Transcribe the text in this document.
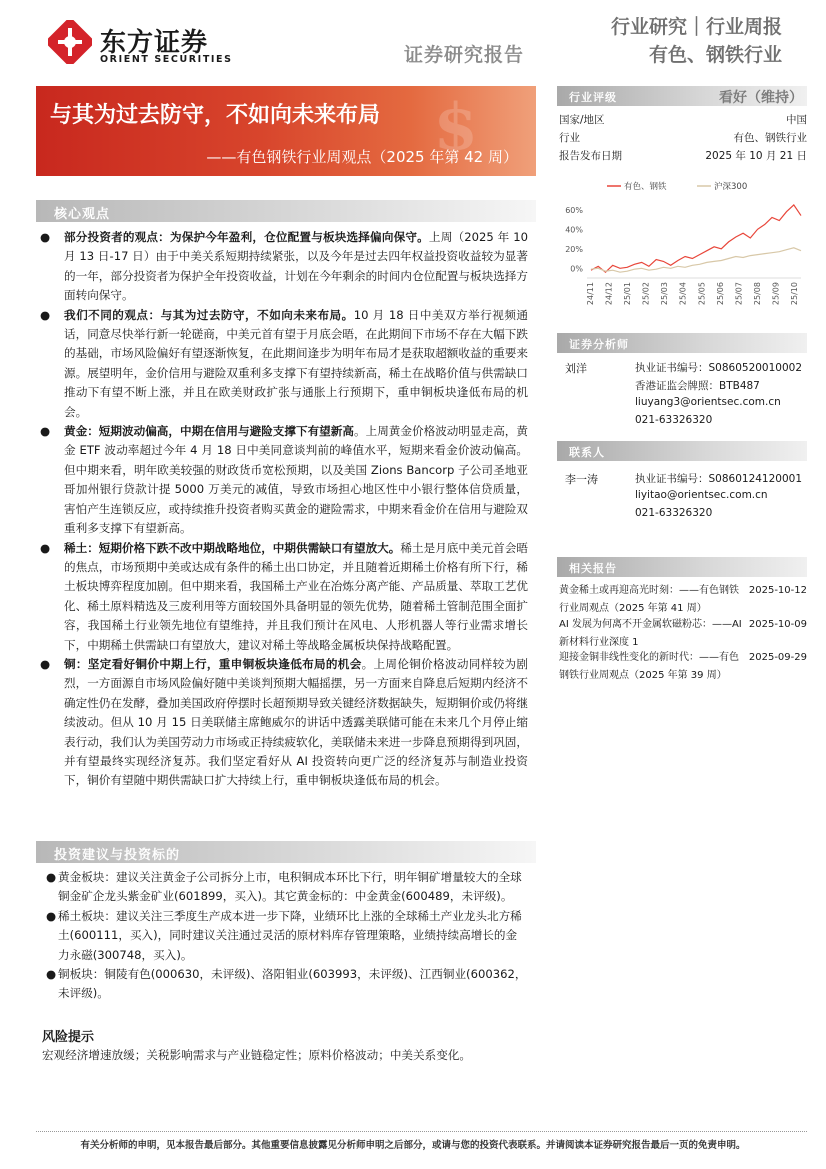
东方证券
ORIENT SECURITIES	证券研究报告
行业研究｜行业周报
有色、钢铁行业
$
与其为过去防守，不如向未来布局
——有色钢铁行业周观点（2025 年第 42 周）
行业评级	看好（维持）
国家/地区	中国
行业	有色、钢铁行业
报告发布日期	2025 年 10 月 21 日
有色、钢铁	沪深300
60%
40%
20%
0%
24/11 24/12 25/01 25/02 25/03 25/04 25/05 25/06 25/07 25/08 25/09 25/10
证券分析师
刘洋	执业证书编号：S0860520010002
香港证监会牌照：BTB487
liuyang3@orientsec.com.cn
021-63326320
联系人
李一涛	执业证书编号：S0860124120001
liyitao@orientsec.com.cn
021-63326320
相关报告
黄金稀土或再迎高光时刻：——有色钢铁
行业周观点（2025 年第 41 周）
2025-10-12
AI 发展为何离不开金属软磁粉芯：——AI
新材料行业深度 1
2025-10-09
迎接金铜非线性变化的新时代：——有色
钢铁行业周观点（2025 年第 39 周）
2025-09-29
核心观点
● 部分投资者的观点：为保护今年盈利，仓位配置与板块选择偏向保守。上周（2025 年 10 月 13 日-17 日）由于中美关系短期持续紧张，以及今年是过去四年权益投资收益较为显著的一年，部分投资者为保护全年投资收益，计划在今年剩余的时间内仓位配置与板块选择方面转向保守。
● 我们不同的观点：与其为过去防守，不如向未来布局。10 月 18 日中美双方举行视频通话，同意尽快举行新一轮磋商，中美元首有望于月底会晤，在此期间下市场不存在大幅下跌的基础，市场风险偏好有望逐渐恢复，在此期间逢步为明年布局才是获取超额收益的重要来源。展望明年，金价信用与避险双重利多支撑下有望持续新高，稀土在战略价值与供需缺口推动下有望不断上涨，并且在欧美财政扩张与通胀上行预期下，重申铜板块逢低布局的机会。
● 黄金：短期波动偏高，中期在信用与避险支撑下有望新高。上周黄金价格波动明显走高，黄金 ETF 波动率超过今年 4 月 18 日中美同意谈判前的峰值水平，短期来看金价波动偏高。但中期来看，明年欧美较强的财政货币宽松预期，以及美国 Zions Bancorp 子公司圣地亚哥加州银行贷款计提 5000 万美元的减值，导致市场担心地区性中小银行整体信贷质量，害怕产生连锁反应，或持续推升投资者购买黄金的避险需求，中期来看金价在信用与避险双重利多支撑下有望新高。
● 稀土：短期价格下跌不改中期战略地位，中期供需缺口有望放大。稀土是月底中美元首会晤的焦点，市场预期中美或达成有条件的稀土出口协定，并且随着近期稀土价格有所下行，稀土板块博弈程度加剧。但中期来看，我国稀土产业在冶炼分离产能、产品质量、萃取工艺优化、稀土原料精选及三废利用等方面较国外具备明显的领先优势，随着稀土管制范围全面扩容，我国稀土行业领先地位有望维持，并且我们预计在风电、人形机器人等行业需求增长下，中期稀土供需缺口有望放大，建议对稀土等战略金属板块保持战略配置。
● 铜：坚定看好铜价中期上行，重申铜板块逢低布局的机会。上周伦铜价格波动同样较为剧烈，一方面源自市场风险偏好随中美谈判预期大幅摇摆，另一方面来自降息后短期内经济不确定性仍在发酵，叠加美国政府停摆时长超预期导致关键经济数据缺失，短期铜价或仍将继续波动。但从 10 月 15 日美联储主席鲍威尔的讲话中透露美联储可能在未来几个月停止缩表行动，我们认为美国劳动力市场或正持续疲软化，美联储未来进一步降息预期得到巩固，并有望最终实现经济复苏。我们坚定看好从 AI 投资转向更广泛的经济复苏与制造业投资下，铜价有望随中期供需缺口扩大持续上行，重申铜板块逢低布局的机会。
投资建议与投资标的
● 黄金板块：建议关注黄金子公司拆分上市，电积铜成本环比下行，明年铜矿增量较大的全球铜金矿企龙头紫金矿业(601899，买入)。其它黄金标的：中金黄金(600489，未评级)。
● 稀土板块：建议关注三季度生产成本进一步下降，业绩环比上涨的全球稀土产业龙头北方稀土(600111，买入)，同时建议关注通过灵活的原材料库存管理策略，业绩持续高增长的金力永磁(300748，买入)。
● 铜板块：铜陵有色(000630，未评级)、洛阳钼业(603993，未评级)、江西铜业(600362，未评级)。
风险提示
宏观经济增速放缓；关税影响需求与产业链稳定性；原料价格波动；中美关系变化。
有关分析师的申明，见本报告最后部分。其他重要信息披露见分析师申明之后部分，或请与您的投资代表联系。并请阅读本证券研究报告最后一页的免责申明。
